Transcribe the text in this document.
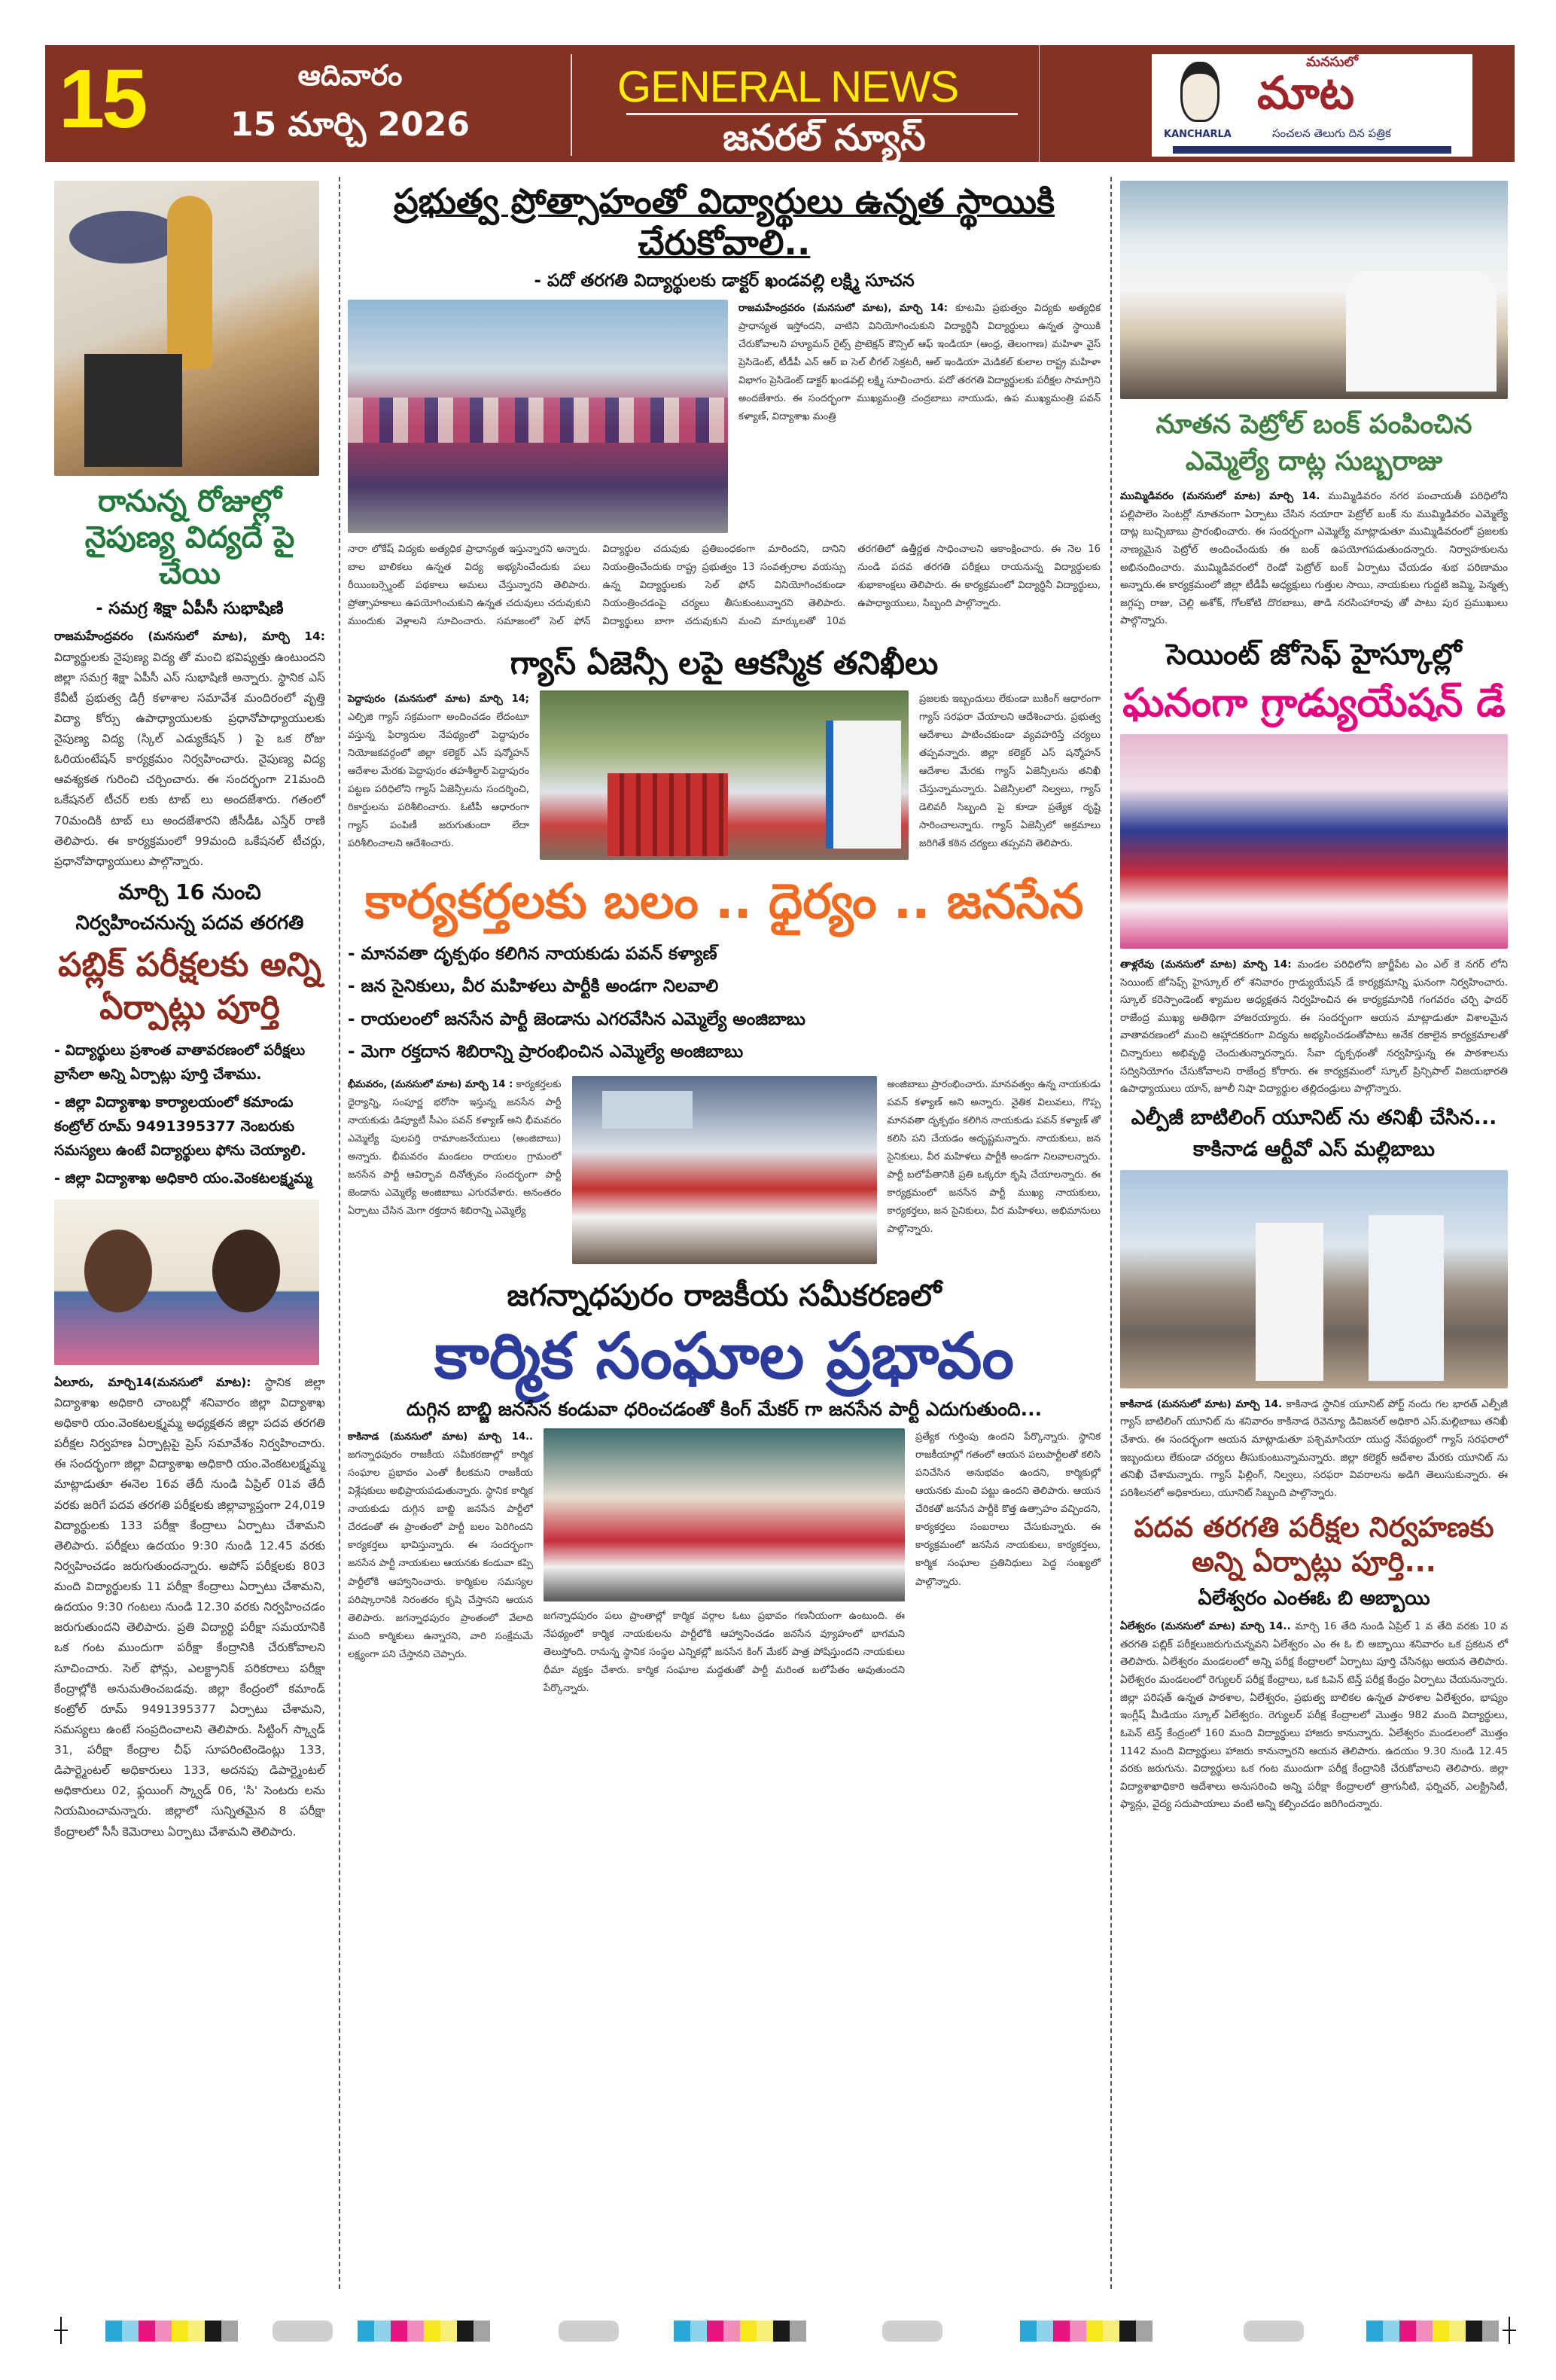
15	ఆదివారం
15 మార్చి 2026
GENERAL NEWS
జనరల్ న్యూస్
మనసులో
మాట
KANCHARLA	సంచలన తెలుగు దిన పత్రిక
రానున్న రోజుల్లో నైపుణ్య విద్యదే పై చేయి
- సమగ్ర శిక్షా ఏపీసీ సుభాషిణి
రాజమహేంద్రవరం (మనసులో మాట), మార్చి 14: విద్యార్థులకు నైపుణ్య విద్య తో మంచి భవిష్యత్తు ఉంటుందని జిల్లా సమగ్ర శిక్షా ఏపీసీ ఎస్ సుభాషిణి అన్నారు. స్థానిక ఎస్ కేవీటీ ప్రభుత్వ డిగ్రీ కళాశాల సమావేశ మందిరంలో వృత్తి విద్యా కోర్సు ఉపాధ్యాయులకు ప్రధానోపాధ్యాయులకు నైపుణ్య విద్య (స్కిల్ ఎడ్యుకేషన్ ) పై ఒక రోజు ఓరియంటేషన్ కార్యక్రమం నిర్వహించారు. నైపుణ్య విద్య ఆవశ్యకత గురించి చర్చించారు. ఈ సందర్భంగా 21మంది ఒకేషనల్ టీచర్ లకు టాబ్ లు అందజేశారు. గతంలో 70మందికి టాబ్ లు అందజేశారని జీసీడీఓ ఎస్తేర్ రాణి తెలిపారు. ఈ కార్యక్రమంలో 99మంది ఒకేషనల్ టీచర్లు, ప్రధానోపాధ్యాయులు పాల్గొన్నారు.
మార్చి 16 నుంచి
నిర్వహించనున్న పదవ తరగతి
పబ్లిక్ పరీక్షలకు అన్ని ఏర్పాట్లు పూర్తి
- విద్యార్థులు ప్రశాంత వాతావరణంలో పరీక్షలు వ్రాసేలా అన్ని ఏర్పాట్లు పూర్తి చేశాము.
- జిల్లా విద్యాశాఖ కార్యాలయంలో కమాండు కంట్రోల్ రూమ్ 9491395377 నెంబరుకు సమస్యలు ఉంటే విద్యార్థులు ఫోను చెయ్యాలి.
- జిల్లా విద్యాశాఖ అధికారి యం.వెంకటలక్ష్మమ్మ
ఏలూరు, మార్చి14(మనసులో మాట): స్థానిక జిల్లా విద్యాశాఖ అధికారి చాంబర్లో శనివారం జిల్లా విద్యాశాఖ అధికారి యం.వెంకటలక్ష్మమ్మ అధ్యక్షతన జిల్లా పదవ తరగతి పరీక్షల నిర్వహణ ఏర్పాట్లపై ప్రెస్ సమావేశం నిర్వహించారు. ఈ సందర్భంగా జిల్లా విద్యాశాఖ అధికారి యం.వెంకటలక్ష్మమ్మ మాట్లాడుతూ ఈనెల 16వ తేదీ నుండి ఏప్రిల్ 01వ తేదీ వరకు జరిగే పదవ తరగతి పరీక్షలకు జిల్లావ్యాప్తంగా 24,019 విద్యార్థులకు 133 పరీక్షా కేంద్రాలు ఏర్పాటు చేశామని తెలిపారు. పరీక్షలు ఉదయం 9:30 నుండి 12.45 వరకు నిర్వహించడం జరుగుతుందన్నారు. అపోస్ పరీక్షలకు 803 మంది విద్యార్థులకు 11 పరీక్షా కేంద్రాలు ఏర్పాటు చేశామని, ఉదయం 9:30 గంటలు నుండి 12.30 వరకు నిర్వహించడం జరుగుతుందని తెలిపారు. ప్రతి విద్యార్థి పరీక్షా సమయానికి ఒక గంట ముందుగా పరీక్షా కేంద్రానికి చేరుకోవాలని సూచించారు. సెల్ ఫోన్లు, ఎలక్ట్రానిక్ పరికరాలు పరీక్షా కేంద్రాల్లోకి అనుమతించబడవు. జిల్లా కేంద్రంలో కమాండ్ కంట్రోల్ రూమ్ 9491395377 ఏర్పాటు చేశామని, సమస్యలు ఉంటే సంప్రదించాలని తెలిపారు. సిట్టింగ్ స్క్వాడ్ 31, పరీక్షా కేంద్రాల చీఫ్ సూపరింటెండెంట్లు 133, డిపార్ట్మెంటల్ అధికారులు 133, అదనపు డిపార్ట్మెంటల్ అధికారులు 02, ఫ్లయింగ్ స్క్వాడ్ 06, 'సి' సెంటరు లను నియమించామన్నారు. జిల్లాలో సున్నితమైన 8 పరీక్షా కేంద్రాలలో సీసీ కెమెరాలు ఏర్పాటు చేశామని తెలిపారు.
ప్రభుత్వ ప్రోత్సాహంతో విద్యార్థులు ఉన్నత స్థాయికి చేరుకోవాలి..
- పదో తరగతి విద్యార్థులకు డాక్టర్ ఖండవల్లి లక్ష్మి సూచన
రాజమహేంద్రవరం (మనసులో మాట), మార్చి 14: కూటమి ప్రభుత్వం విద్యకు అత్యధిక ప్రాధాన్యత ఇస్తోందని, వాటిని వినియోగించుకుని విద్యార్థినీ విద్యార్థులు ఉన్నత స్థాయికి చేరుకోవాలని హ్యూమన్ రైట్స్ ప్రొటెక్షన్ కౌన్సిల్ ఆఫ్ ఇండియా (ఆంధ్ర, తెలంగాణ) మహిళా వైస్ ప్రెసిడెంట్, టీడీపీ ఎన్ ఆర్ ఐ సెల్ లీగల్ సెక్రటరీ, ఆల్ ఇండియా మెడికల్ కులాల రాష్ట్ర మహిళా విభాగం ప్రెసిడెంట్ డాక్టర్ ఖండవల్లి లక్ష్మి సూచించారు. పదో తరగతి విద్యార్థులకు పరీక్షల సామాగ్రిని అందజేశారు. ఈ సందర్భంగా ముఖ్యమంత్రి చంద్రబాబు నాయుడు, ఉప ముఖ్యమంత్రి పవన్ కళ్యాణ్, విద్యాశాఖ మంత్రి
నారా లోకేష్ విద్యకు అత్యధిక ప్రాధాన్యత ఇస్తున్నారని అన్నారు. బాల బాలికలు ఉన్నత విద్య అభ్యసించేందుకు పలు రీయింబర్స్మెంట్ పథకాలు అమలు చేస్తున్నారని తెలిపారు. ప్రోత్సాహకాలు ఉపయోగించుకుని ఉన్నత చదువులు చదువుకుని ముందుకు వెళ్లాలని సూచించారు. సమాజంలో సెల్ ఫోన్ విద్యార్థుల చదువుకు ప్రతిబంధకంగా మారిందని, దానిని నియంత్రించేందుకు రాష్ట్ర ప్రభుత్వం 13 సంవత్సరాల వయస్సు ఉన్న విద్యార్థులకు సెల్ ఫోన్ వినియోగించకుండా నియంత్రించడంపై చర్యలు తీసుకుంటున్నారని తెలిపారు. విద్యార్థులు బాగా చదువుకుని మంచి మార్కులతో 10వ తరగతిలో ఉత్తీర్ణత సాధించాలని ఆకాంక్షించారు. ఈ నెల 16 నుండి పదవ తరగతి పరీక్షలు రాయనున్న విద్యార్థులకు శుభాకాంక్షలు తెలిపారు. ఈ కార్యక్రమంలో విద్యార్థినీ విద్యార్థులు, ఉపాధ్యాయులు, సిబ్బంది పాల్గొన్నారు.
గ్యాస్ ఏజెన్సీ లపై ఆకస్మిక తనిఖీలు
పెద్దాపురం (మనసులో మాట) మార్చి 14; ఎల్పిజి గ్యాస్ సక్రమంగా అందించడం లేదంటూ వస్తున్న ఫిర్యాదుల నేపథ్యంలో పెద్దాపురం నియోజకవర్గంలో జిల్లా కలెక్టర్ ఎస్ షన్మోహన్ ఆదేశాల మేరకు పెద్దాపురం తహశీల్దార్ పెద్దాపురం పట్టణ పరిధిలోని గ్యాస్ ఏజెన్సీలను సందర్శించి, రికార్డులను పరిశీలించారు. ఓటీపీ ఆధారంగా గ్యాస్ పంపిణీ జరుగుతుందా లేదా పరిశీలించాలని ఆదేశించారు.
ప్రజలకు ఇబ్బందులు లేకుండా బుకింగ్ ఆధారంగా గ్యాస్ సరఫరా చేయాలని ఆదేశించారు. ప్రభుత్వ ఆదేశాలు పాటించకుండా వ్యవహరిస్తే చర్యలు తప్పవన్నారు. జిల్లా కలెక్టర్ ఎస్ షన్మోహన్ ఆదేశాల మేరకు గ్యాస్ ఏజెన్సీలను తనిఖీ చేస్తున్నామన్నారు. ఏజెన్సీలలో నిల్వలు, గ్యాస్ డెలివరీ సిబ్బంది పై కూడా ప్రత్యేక దృష్టి సారించాలన్నారు. గ్యాస్ ఏజెన్సీలో అక్రమాలు జరిగితే కఠిన చర్యలు తప్పవని తెలిపారు.
కార్యకర్తలకు బలం .. ధైర్యం .. జనసేన
- మానవతా దృక్పథం కలిగిన నాయకుడు పవన్ కళ్యాణ్
- జన సైనికులు, వీర మహిళలు పార్టీకి అండగా నిలవాలి
- రాయలంలో జనసేన పార్టీ జెండాను ఎగరవేసిన ఎమ్మెల్యే అంజిబాబు
- మెగా రక్తదాన శిబిరాన్ని ప్రారంభించిన ఎమ్మెల్యే అంజిబాబు
భీమవరం, (మనసులో మాట) మార్చి 14 : కార్యకర్తలకు ధైర్యాన్ని, సంపూర్ణ భరోసా ఇస్తున్న జనసేన పార్టీ నాయకుడు డిప్యూటీ సీఎం పవన్ కళ్యాణ్ అని భీమవరం ఎమ్మెల్యే పులపర్తి రామాంజనేయులు (అంజిబాబు) అన్నారు. భీమవరం మండలం రాయలం గ్రామంలో జనసేన పార్టీ ఆవిర్భావ దినోత్సవం సందర్భంగా పార్టీ జెండాను ఎమ్మెల్యే అంజిబాబు ఎగురవేశారు. అనంతరం ఏర్పాటు చేసిన మెగా రక్తదాన శిబిరాన్ని ఎమ్మెల్యే
అంజిబాబు ప్రారంభించారు. మానవత్వం ఉన్న నాయకుడు పవన్ కళ్యాణ్ అని అన్నారు. నైతిక విలువలు, గొప్ప మానవతా దృక్పథం కలిగిన నాయకుడు పవన్ కళ్యాణ్ తో కలిసి పని చేయడం అదృష్టమన్నారు. నాయకులు, జన సైనికులు, వీర మహిళలు పార్టీకి అండగా నిలవాలన్నారు. పార్టీ బలోపేతానికి ప్రతి ఒక్కరూ కృషి చేయాలన్నారు. ఈ కార్యక్రమంలో జనసేన పార్టీ ముఖ్య నాయకులు, కార్యకర్తలు, జన సైనికులు, వీర మహిళలు, అభిమానులు పాల్గొన్నారు.
జగన్నాధపురం రాజకీయ సమీకరణలో
కార్మిక సంఘాల ప్రభావం
దుగ్గిన బాబ్జి జనసేన కండువా ధరించడంతో కింగ్ మేకర్ గా జనసేన పార్టీ ఎదుగుతుంది...
కాకినాడ (మనసులో మాట) మార్చి 14.. జగన్నాధపురం రాజకీయ సమీకరణాల్లో కార్మిక సంఘాల ప్రభావం ఎంతో కీలకమని రాజకీయ విశ్లేషకులు అభిప్రాయపడుతున్నారు. స్థానిక కార్మిక నాయకుడు దుగ్గిన బాబ్జి జనసేన పార్టీలో చేరడంతో ఈ ప్రాంతంలో పార్టీ బలం పెరిగిందని కార్యకర్తలు భావిస్తున్నారు. ఈ సందర్భంగా జనసేన పార్టీ నాయకులు ఆయనకు కండువా కప్పి పార్టీలోకి ఆహ్వానించారు. కార్మికుల సమస్యల పరిష్కారానికి నిరంతరం కృషి చేస్తానని ఆయన తెలిపారు. జగన్నాధపురం ప్రాంతంలో వేలాది మంది కార్మికులు ఉన్నారని, వారి సంక్షేమమే లక్ష్యంగా పని చేస్తానని చెప్పారు.
జగన్నాధపురం పలు ప్రాంతాల్లో కార్మిక వర్గాల ఓటు ప్రభావం గణనీయంగా ఉంటుంది. ఈ నేపథ్యంలో కార్మిక నాయకులను పార్టీలోకి ఆహ్వానించడం జనసేన వ్యూహంలో భాగమని తెలుస్తోంది. రానున్న స్థానిక సంస్థల ఎన్నికల్లో జనసేన కింగ్ మేకర్ పాత్ర పోషిస్తుందని నాయకులు ధీమా వ్యక్తం చేశారు. కార్మిక సంఘాల మద్దతుతో పార్టీ మరింత బలోపేతం అవుతుందని పేర్కొన్నారు.
ప్రత్యేక గుర్తింపు ఉందని పేర్కొన్నారు. స్థానిక రాజకీయాల్లో గతంలో ఆయన పలుపార్టీలతో కలిసి పనిచేసిన అనుభవం ఉందని, కార్మికుల్లో ఆయనకు మంచి పట్టు ఉందని తెలిపారు. ఆయన చేరికతో జనసేన పార్టీకి కొత్త ఉత్సాహం వచ్చిందని, కార్యకర్తలు సంబరాలు చేసుకున్నారు. ఈ కార్యక్రమంలో జనసేన నాయకులు, కార్యకర్తలు, కార్మిక సంఘాల ప్రతినిధులు పెద్ద సంఖ్యలో పాల్గొన్నారు.
నూతన పెట్రోల్ బంక్ పంపించిన ఎమ్మెల్యే దాట్ల సుబ్బరాజు
ముమ్మిడివరం (మనసులో మాట) మార్చి 14. ముమ్మిడివరం నగర పంచాయతీ పరిధిలోని పల్లిపాలెం సెంటర్లో నూతనంగా ఏర్పాటు చేసిన నయారా పెట్రోల్ బంక్ ను ముమ్మిడివరం ఎమ్మెల్యే దాట్ల బుచ్చిబాబు ప్రారంభించారు. ఈ సందర్భంగా ఎమ్మెల్యే మాట్లాడుతూ ముమ్మిడివరంలో ప్రజలకు నాణ్యమైన పెట్రోల్ అందించేందుకు ఈ బంక్ ఉపయోగపడుతుందన్నారు. నిర్వాహకులను అభినందించారు. ముమ్మిడివరంలో రెండో పెట్రోల్ బంక్ ఏర్పాటు చేయడం శుభ పరిణామం అన్నారు.ఈ కార్యక్రమంలో జిల్లా టీడీపీ అధ్యక్షులు గుత్తుల సాయి, నాయకులు గుద్దటి జమ్మి, పెన్మత్స జగ్గప్ప రాజు, చెల్లి అశోక్, గోలకోటి దొరబాబు, తాడి నరసింహారావు తో పాటు పుర ప్రముఖులు పాల్గొన్నారు.
సెయింట్ జోసెఫ్ హైస్కూల్లో
ఘనంగా గ్రాడ్యుయేషన్ డే
తాళ్లరేవు (మనసులో మాట) మార్చి 14: మండల పరిధిలోని జార్జీపేట ఎం ఎల్ కె నగర్ లోని సెయింట్ జోసెఫ్స్ హైస్కూల్ లో శనివారం గ్రాడ్యుయేషన్ డే కార్యక్రమాన్ని ఘనంగా నిర్వహించారు. స్కూల్ కరెస్పాండెంట్ శ్యామల అధ్యక్షతన నిర్వహించిన ఈ కార్యక్రమానికి గంగవరం చర్చి ఫాదర్ రాజేంద్ర ముఖ్య అతిథిగా హాజరయ్యారు. ఈ సందర్భంగా ఆయన మాట్లాడుతూ విశాలమైన వాతావరణంలో మంచి ఆహ్లాదకరంగా విద్యను అభ్యసించడంతోపాటు అనేక రకాలైన కార్యక్రమాలతో చిన్నారులు అభివృద్ధి చెందుతున్నారన్నారు. సేవా దృక్పథంతో నర్వహిస్తున్న ఈ పాఠశాలను సద్వినియోగం చేసుకోవాలని రాజేంద్ర కోరారు. ఈ కార్యక్రమంలో స్కూల్ ప్రిన్సిపాల్ విజయభారతి ఉపాధ్యాయులు యాన్, జూలీ నిషా విద్యార్థుల తల్లిదండ్రులు పాల్గొన్నారు.
ఎల్పీజీ బాటిలింగ్ యూనిట్ ను తనిఖీ చేసిన...
కాకినాడ ఆర్టీవో ఎస్ మల్లిబాబు
కాకినాడ (మనసులో మాట) మార్చి 14. కాకినాడ స్థానిక యూనిట్ పోర్ట్ నందు గల భారత్ ఎల్పీజీ గ్యాస్ బాటిలింగ్ యూనిట్ ను శనివారం కాకినాడ రెవెన్యూ డివిజనల్ అధికారి ఎస్.మల్లిబాబు తనిఖీ చేశారు. ఈ సందర్భంగా ఆయన మాట్లాడుతూ పశ్చిమాసియా యుద్ధ నేపథ్యంలో గ్యాస్ సరఫరాలో ఇబ్బందులు లేకుండా చర్యలు తీసుకుంటున్నామన్నారు. జిల్లా కలెక్టర్ ఆదేశాల మేరకు యూనిట్ ను తనిఖీ చేశామన్నారు. గ్యాస్ ఫిల్లింగ్, నిల్వలు, సరఫరా వివరాలను అడిగి తెలుసుకున్నారు. ఈ పరిశీలనలో అధికారులు, యూనిట్ సిబ్బంది పాల్గొన్నారు.
పదవ తరగతి పరీక్షల నిర్వహణకు అన్ని ఏర్పాట్లు పూర్తి...
ఏలేశ్వరం ఎంఈఓ బి అబ్బాయి
ఏలేశ్వరం (మనసులో మాట) మార్చి 14.. మార్చి 16 తేది నుండి ఏప్రిల్ 1 వ తేది వరకు 10 వ తరగతి పబ్లిక్ పరీక్షలుజరుగుచున్నవని ఏలేశ్వరం ఎం ఈ ఓ బి అబ్బాయి శనివారం ఒక ప్రకటన లో తెలిపారు. ఏలేశ్వరం మండలంలో అన్ని పరీక్ష కేంద్రాలలో ఏర్పాటు పూర్తి చేసినట్లు ఆయన తెలిపారు. ఏలేశ్వరం మండలంలో రెగ్యులర్ పరీక్ష కేంద్రాలు, ఒక ఓపెన్ టెన్త్ పరీక్ష కేంద్రం ఏర్పాటు చేయనున్నారు. జిల్లా పరిషత్ ఉన్నత పాఠశాల, ఏలేశ్వరం, ప్రభుత్వ బాలికల ఉన్నత పాఠశాల ఏలేశ్వరం, భాష్యం ఇంగ్లీష్ మీడియం స్కూల్ ఏలేశ్వరం. రెగ్యులర్ పరీక్ష కేంద్రాలలో మొత్తం 982 మంది విద్యార్థులు, ఓపెన్ టెన్త్ కేంద్రంలో 160 మంది విద్యార్థులు హాజరు కానున్నారు. ఏలేశ్వరం మండలంలో మొత్తం 1142 మంది విద్యార్థులు హాజరు కానున్నారని ఆయన తెలిపారు. ఉదయం 9.30 నుండి 12.45 వరకు జరుగును. విద్యార్థులు ఒక గంట ముందుగా పరీక్ష కేంద్రానికి చేరుకోవాలని తెలిపారు. జిల్లా విద్యాశాఖాధికారి ఆదేశాలు అనుసరించి అన్ని పరీక్షా కేంద్రాలలో త్రాగునీటి, ఫర్నిచర్, ఎలక్ట్రిసిటీ, ఫ్యాన్లు, వైద్య సదుపాయాలు వంటి అన్ని కల్పించడం జరిగిందన్నారు.
